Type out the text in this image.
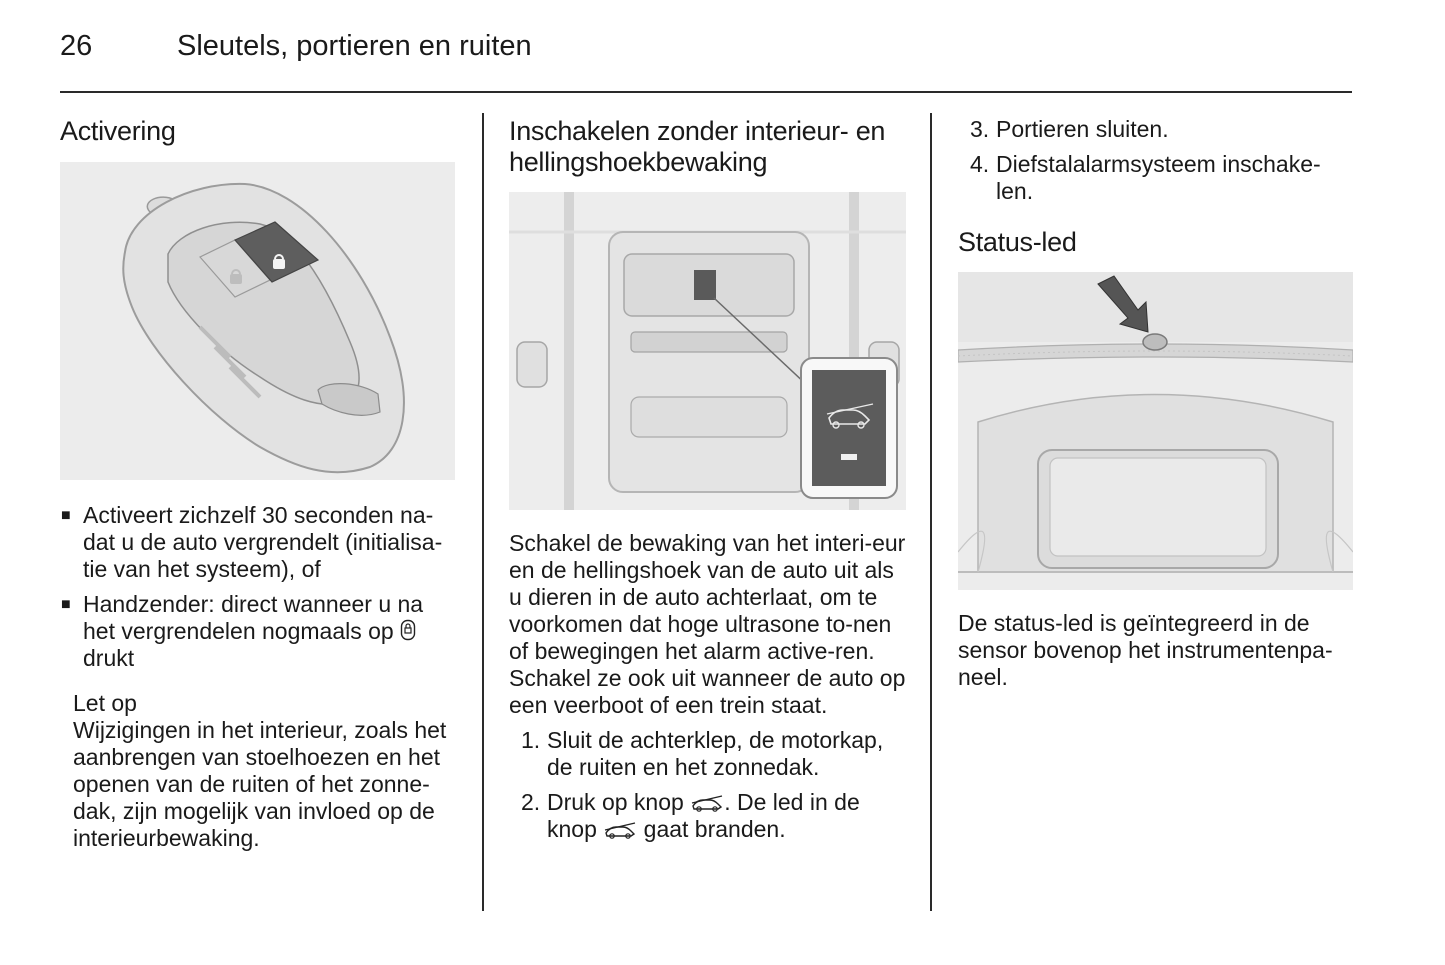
26	Sleutels, portieren en ruiten
Activering
■ Activeert zichzelf 30 seconden na-dat u de auto vergrendelt (initialisa-tie van het systeem), of
■ Handzender: direct wanneer u na het vergrendelen nogmaals op  drukt
Let op
Wijzigingen in het interieur, zoals het aanbrengen van stoelhoezen en het openen van de ruiten of het zonne-dak, zijn mogelijk van invloed op de interieurbewaking.
Inschakelen zonder interieur- en hellingshoekbewaking

Schakel de bewaking van het interi-eur en de hellingshoek van de auto uit als u dieren in de auto achterlaat, om te voorkomen dat hoge ultrasone to-nen of bewegingen het alarm active-ren. Schakel ze ook uit wanneer de auto op een veerboot of een trein staat.

1. Sluit de achterklep, de motorkap, de ruiten en het zonnedak.
2. Druk op knop . De led in de
knop gaat branden.
3. Portieren sluiten.
4. Diefstalalarmsysteem inschake-len.
Status-led

De status-led is geïntegreerd in de sensor bovenop het instrumentenpa-neel.
